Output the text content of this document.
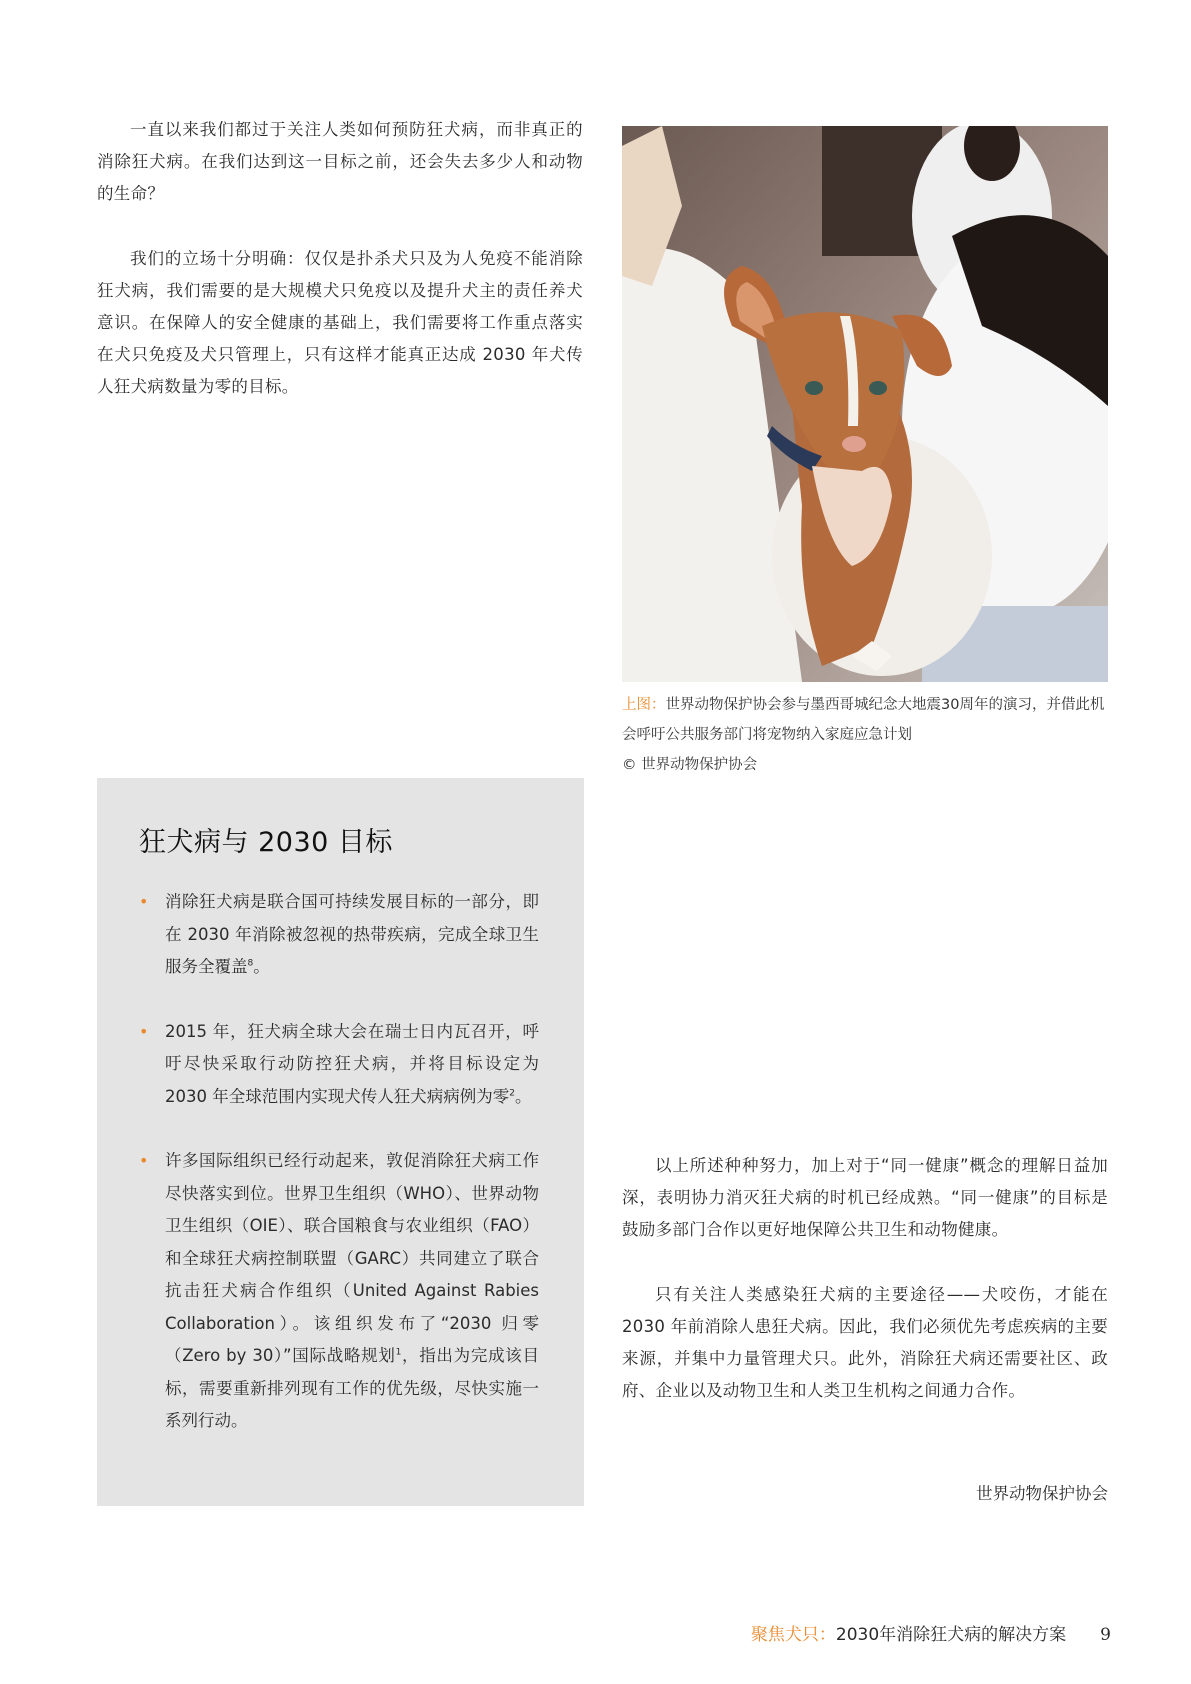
一直以来我们都过于关注人类如何预防狂犬病，而非真正的消除狂犬病。在我们达到这一目标之前，还会失去多少人和动物的生命？

我们的立场十分明确：仅仅是扑杀犬只及为人免疫不能消除狂犬病，我们需要的是大规模犬只免疫以及提升犬主的责任养犬意识。在保障人的安全健康的基础上，我们需要将工作重点落实在犬只免疫及犬只管理上，只有这样才能真正达成 2030 年犬传人狂犬病数量为零的目标。

上图：世界动物保护协会参与墨西哥城纪念大地震30周年的演习，并借此机会呼吁公共服务部门将宠物纳入家庭应急计划
© 世界动物保护协会
狂犬病与 2030 目标
• 消除狂犬病是联合国可持续发展目标的一部分，即在 2030 年消除被忽视的热带疾病，完成全球卫生服务全覆盖$^8$。
• 2015 年，狂犬病全球大会在瑞士日内瓦召开，呼吁尽快采取行动防控狂犬病，并将目标设定为 2030 年全球范围内实现犬传人狂犬病病例为零$^2$。
• 许多国际组织已经行动起来，敦促消除狂犬病工作尽快落实到位。世界卫生组织（WHO）、世界动物卫生组织（OIE）、联合国粮食与农业组织（FAO）和全球狂犬病控制联盟（GARC）共同建立了联合抗击狂犬病合作组织（United Against Rabies Collaboration）。该组织发布了“2030 归零（Zero by 30）”国际战略规划$^1$，指出为完成该目标，需要重新排列现有工作的优先级，尽快实施一系列行动。

以上所述种种努力，加上对于“同一健康”概念的理解日益加深，表明协力消灭狂犬病的时机已经成熟。“同一健康”的目标是鼓励多部门合作以更好地保障公共卫生和动物健康。

只有关注人类感染狂犬病的主要途径——犬咬伤，才能在 2030 年前消除人患狂犬病。因此，我们必须优先考虑疾病的主要来源，并集中力量管理犬只。此外，消除狂犬病还需要社区、政府、企业以及动物卫生和人类卫生机构之间通力合作。

世界动物保护协会
聚焦犬只：2030年消除狂犬病的解决方案 9
